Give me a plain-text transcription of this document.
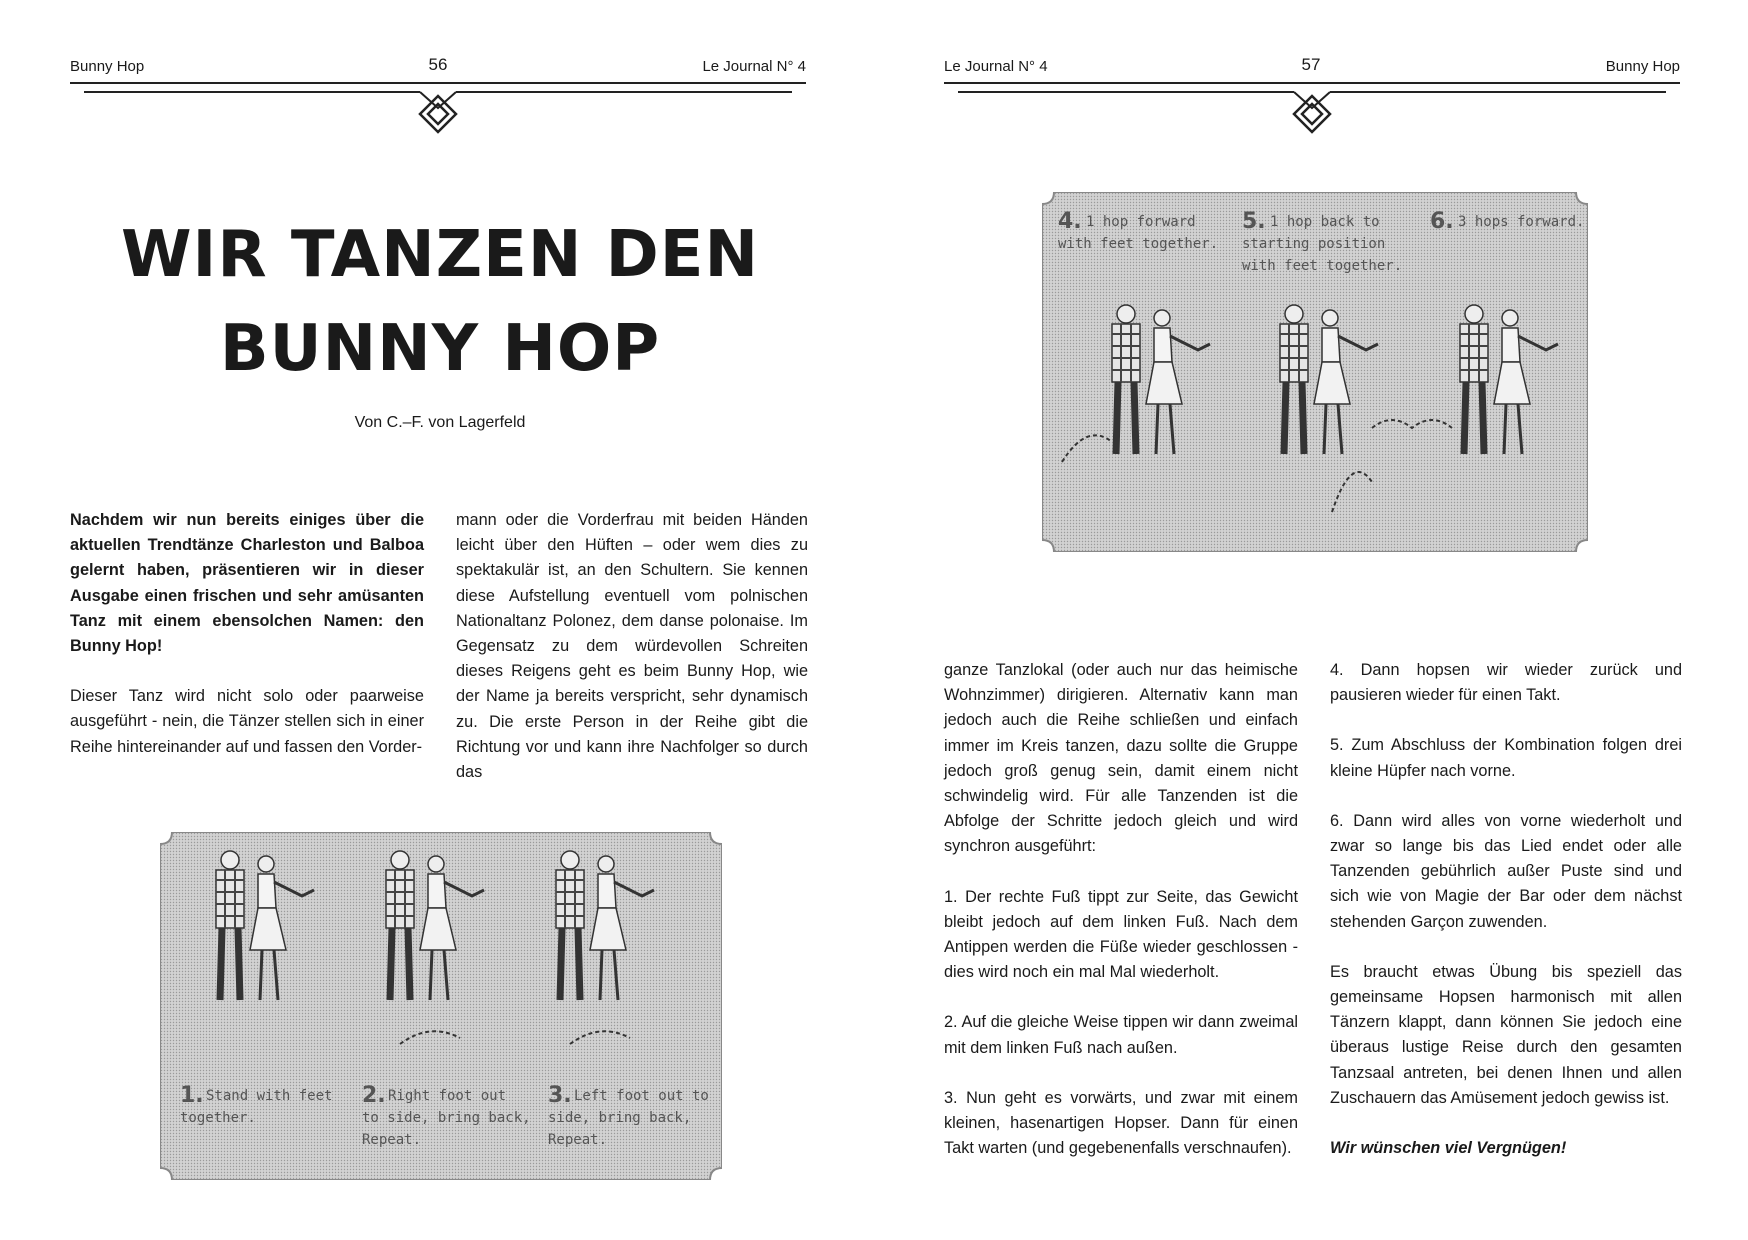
Bunny Hop	56	Le Journal N° 4
WIR TANZEN DEN
BUNNY HOP
Von C.–F. von Lagerfeld

Nachdem wir nun bereits einiges über die aktuellen Trendtänze Charleston und Balboa gelernt haben, präsentieren wir in dieser Ausgabe einen frischen und sehr amüsanten Tanz mit einem ebensolchen Namen: den Bunny Hop!

Dieser Tanz wird nicht solo oder paarweise ausgeführt - nein, die Tänzer stellen sich in einer Reihe hintereinander auf und fassen den Vorder-

mann oder die Vorderfrau mit beiden Händen leicht über den Hüften – oder wem dies zu spektakulär ist, an den Schultern. Sie kennen diese Aufstellung eventuell vom polnischen Nationaltanz Polonez, dem danse polonaise. Im Gegensatz zu dem würdevollen Schreiten dieses Reigens geht es beim Bunny Hop, wie der Name ja bereits verspricht, sehr dynamisch zu. Die erste Person in der Reihe gibt die Richtung vor und kann ihre Nachfolger so durch das

1. Stand with feet
together.
2. Right foot out
to side, bring back,
Repeat.
3. Left foot out to
side, bring back,
Repeat.
Le Journal N° 4	57	Bunny Hop
4. 1 hop forward
with feet together.
5. 1 hop back to
starting position
with feet together.
6. 3 hops forward.

ganze Tanzlokal (oder auch nur das heimische Wohnzimmer) dirigieren. Alternativ kann man jedoch auch die Reihe schließen und einfach immer im Kreis tanzen, dazu sollte die Gruppe jedoch groß genug sein, damit einem nicht schwindelig wird. Für alle Tanzenden ist die Abfolge der Schritte jedoch gleich und wird synchron ausgeführt:

1. Der rechte Fuß tippt zur Seite, das Gewicht bleibt jedoch auf dem linken Fuß. Nach dem Antippen werden die Füße wieder geschlossen - dies wird noch ein mal Mal wiederholt.

2. Auf die gleiche Weise tippen wir dann zweimal mit dem linken Fuß nach außen.

3. Nun geht es vorwärts, und zwar mit einem kleinen, hasenartigen Hopser. Dann für einen Takt warten (und gegebenenfalls verschnaufen).

4. Dann hopsen wir wieder zurück und pausieren wieder für einen Takt.

5. Zum Abschluss der Kombination folgen drei kleine Hüpfer nach vorne.

6. Dann wird alles von vorne wiederholt und zwar so lange bis das Lied endet oder alle Tanzenden gebührlich außer Puste sind und sich wie von Magie der Bar oder dem nächst stehenden Garçon zuwenden.

Es braucht etwas Übung bis speziell das gemeinsame Hopsen harmonisch mit allen Tänzern klappt, dann können Sie jedoch eine überaus lustige Reise durch den gesamten Tanzsaal antreten, bei denen Ihnen und allen Zuschauern das Amüsement jedoch gewiss ist.

Wir wünschen viel Vergnügen!
